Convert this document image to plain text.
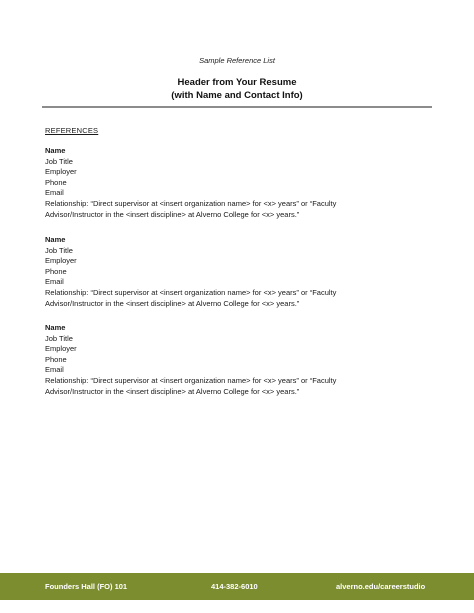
Sample Reference List
Header from Your Resume
(with Name and Contact Info)
REFERENCES
Name
Job Title
Employer
Phone
Email
Relationship: “Direct supervisor at <insert organization name> for <x> years” or “Faculty Advisor/Instructor in the <insert discipline> at Alverno College for <x> years.”
Name
Job Title
Employer
Phone
Email
Relationship: “Direct supervisor at <insert organization name> for <x> years” or “Faculty Advisor/Instructor in the <insert discipline> at Alverno College for <x> years.”
Name
Job Title
Employer
Phone
Email
Relationship: “Direct supervisor at <insert organization name> for <x> years” or “Faculty Advisor/Instructor in the <insert discipline> at Alverno College for <x> years.”
Founders Hall (FO) 101	414-382-6010	alverno.edu/careerstudio
